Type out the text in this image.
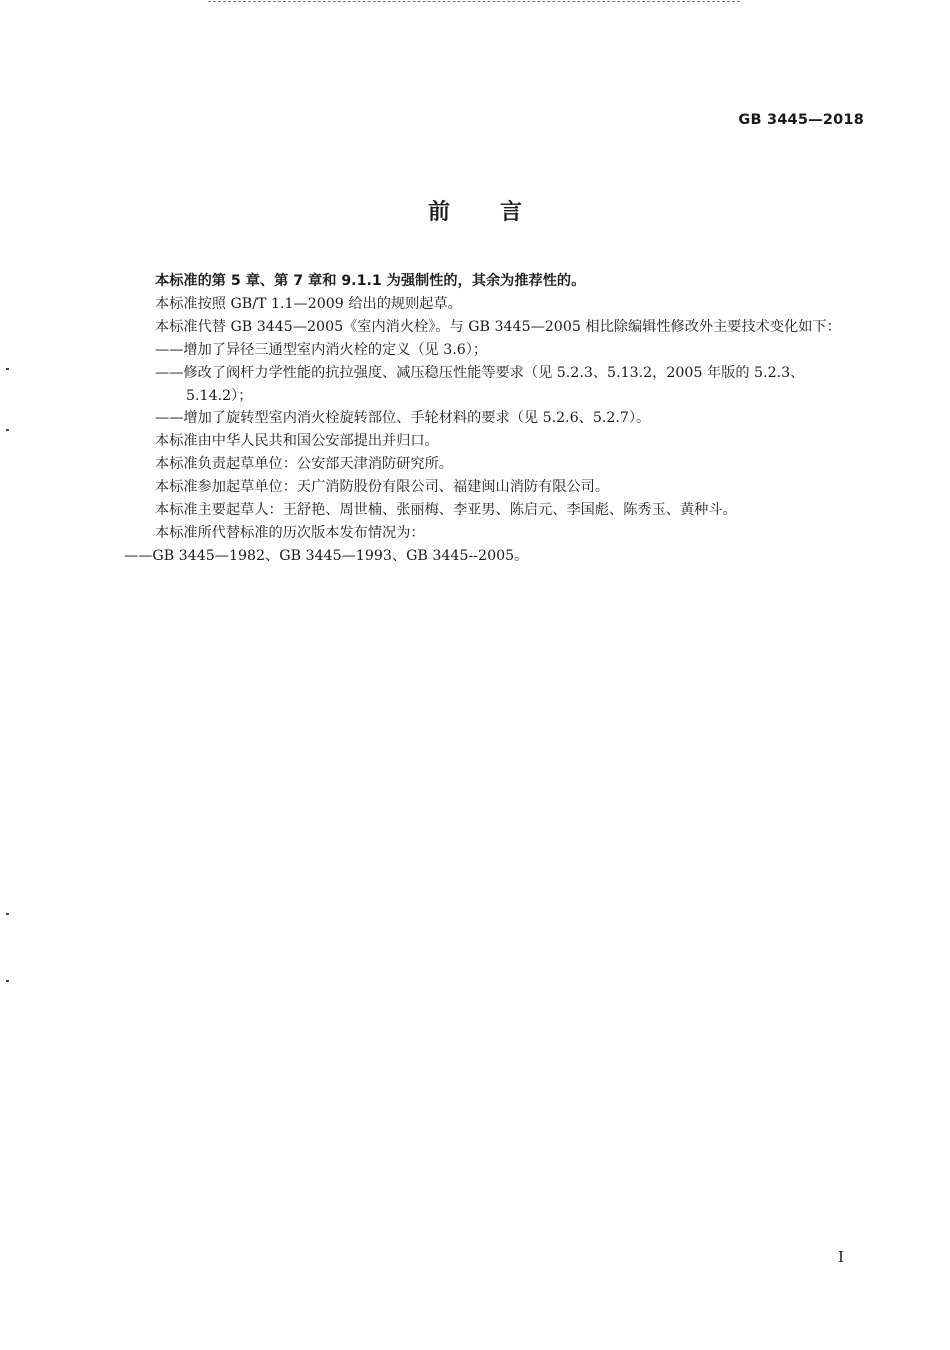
GB 3445—2018
前言

本标准的第 5 章、第 7 章和 9.1.1 为强制性的，其余为推荐性的。

本标准按照 GB/T 1.1—2009 给出的规则起草。

本标准代替 GB 3445—2005《室内消火栓》。与 GB 3445—2005 相比除编辑性修改外主要技术变化如下：

——增加了异径三通型室内消火栓的定义（见 3.6）；

——修改了阀杆力学性能的抗拉强度、减压稳压性能等要求（见 5.2.3、5.13.2，2005 年版的 5.2.3、5.14.2）；

——增加了旋转型室内消火栓旋转部位、手轮材料的要求（见 5.2.6、5.2.7）。

本标准由中华人民共和国公安部提出并归口。

本标准负责起草单位：公安部天津消防研究所。

本标准参加起草单位：天广消防股份有限公司、福建闽山消防有限公司。

本标准主要起草人：王舒艳、周世楠、张丽梅、李亚男、陈启元、李国彪、陈秀玉、黄种斗。

本标准所代替标准的历次版本发布情况为：

——GB 3445—1982、GB 3445—1993、GB 3445--2005。

I
